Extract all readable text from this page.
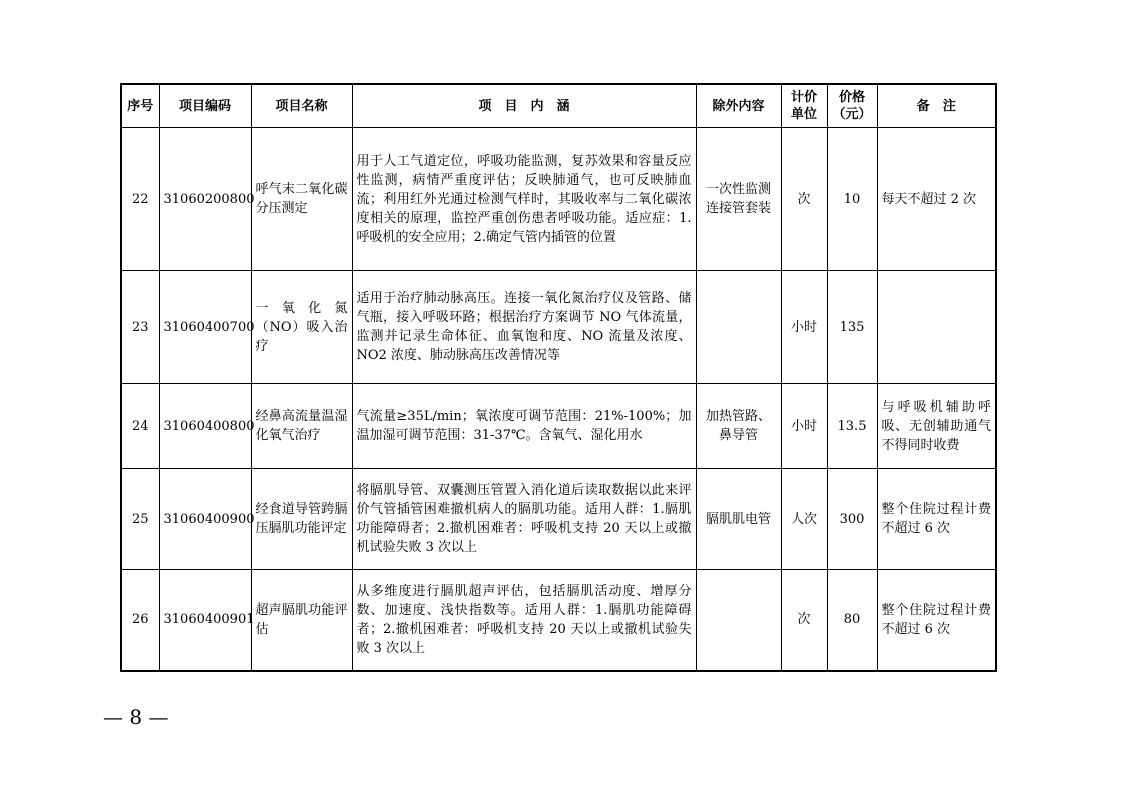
序号	项目编码	项目名称	项　目　内　涵	除外内容	计价单位	价格（元）	备　注
22	31060200800	呼气末二氧化碳分压测定	用于人工气道定位，呼吸功能监测，复苏效果和容量反应性监测，病情严重度评估；反映肺通气，也可反映肺血流；利用红外光通过检测气样时，其吸收率与二氧化碳浓度相关的原理，监控严重创伤患者呼吸功能。适应症：1.呼吸机的安全应用；2.确定气管内插管的位置	一次性监测连接管套装	次	10	每天不超过 2 次
23	31060400700	一氧化氮（NO）吸入治疗	适用于治疗肺动脉高压。连接一氧化氮治疗仪及管路、储气瓶，接入呼吸环路；根据治疗方案调节 NO 气体流量，监测并记录生命体征、血氧饱和度、NO 流量及浓度、NO2 浓度、肺动脉高压改善情况等		小时	135	
24	31060400800	经鼻高流量温湿化氧气治疗	气流量≥35L/min；氧浓度可调节范围：21%-100%；加温加湿可调节范围：31-37℃。含氧气、湿化用水	加热管路、鼻导管	小时	13.5	与呼吸机辅助呼吸、无创辅助通气不得同时收费
25	31060400900	经食道导管跨膈压膈肌功能评定	将膈肌导管、双囊测压管置入消化道后读取数据以此来评价气管插管困难撤机病人的膈肌功能。适用人群：1.膈肌功能障碍者；2.撤机困难者：呼吸机支持 20 天以上或撤机试验失败 3 次以上	膈肌肌电管	人次	300	整个住院过程计费不超过 6 次
26	31060400901	超声膈肌功能评估	从多维度进行膈肌超声评估，包括膈肌活动度、增厚分数、加速度、浅快指数等。适用人群：1.膈肌功能障碍者；2.撤机困难者：呼吸机支持 20 天以上或撤机试验失败 3 次以上		次	80	整个住院过程计费不超过 6 次
— 8 —
